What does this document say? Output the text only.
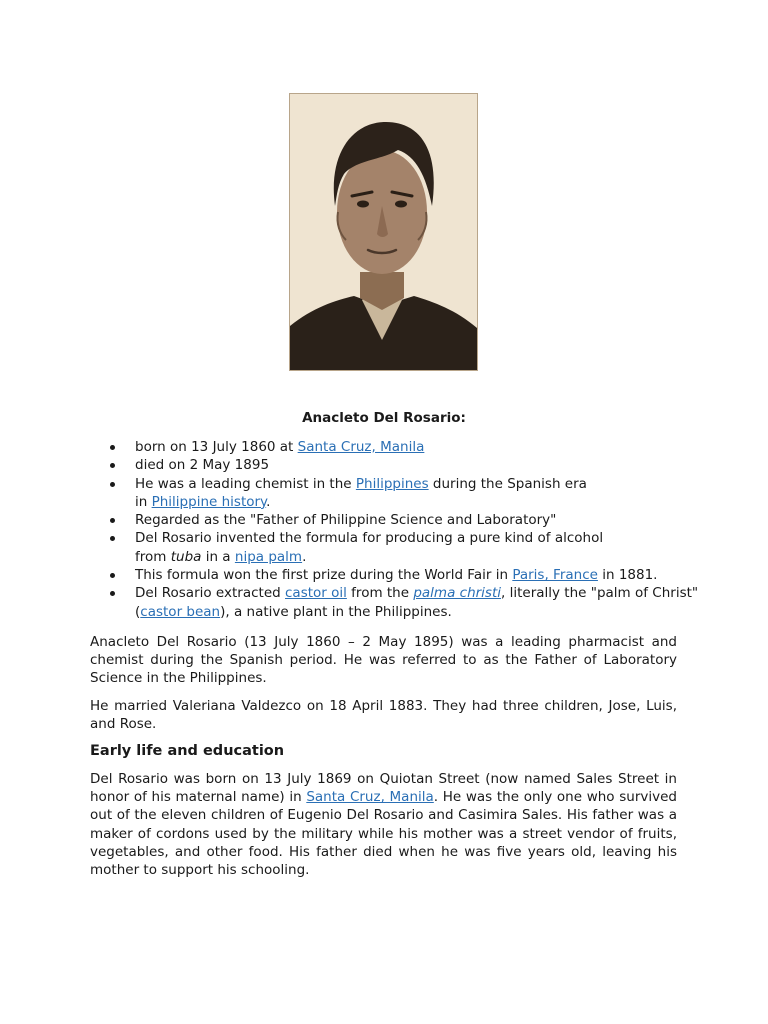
Anacleto Del Rosario:
born on 13 July 1860 at Santa Cruz, Manila
died on 2 May 1895
He was a leading chemist in the Philippines during the Spanish era
in Philippine history.
Regarded as the "Father of Philippine Science and Laboratory"
Del Rosario invented the formula for producing a pure kind of alcohol
from tuba in a nipa palm.
This formula won the first prize during the World Fair in Paris, France in 1881.
Del Rosario extracted castor oil from the palma christi, literally the "palm of Christ" (castor bean), a native plant in the Philippines.

Anacleto Del Rosario (13 July 1860 – 2 May 1895) was a leading pharmacist and chemist during the Spanish period. He was referred to as the Father of Laboratory Science in the Philippines.

He married Valeriana Valdezco on 18 April 1883. They had three children, Jose, Luis, and Rose.

Early life and education

Del Rosario was born on 13 July 1869 on Quiotan Street (now named Sales Street in honor of his maternal name) in Santa Cruz, Manila. He was the only one who survived out of the eleven children of Eugenio Del Rosario and Casimira Sales. His father was a maker of cordons used by the military while his mother was a street vendor of fruits, vegetables, and other food. His father died when he was five years old, leaving his mother to support his schooling.
